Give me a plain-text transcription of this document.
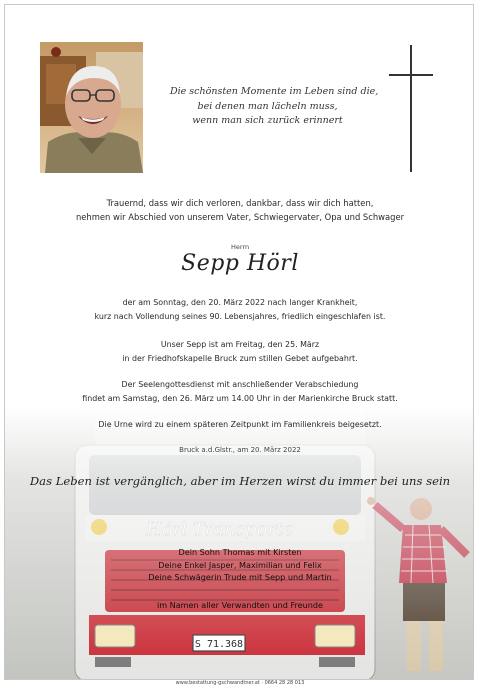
Die schönsten Momente im Leben sind die,
bei denen man lächeln muss,
wenn man sich zurück erinnert
Trauernd, dass wir dich verloren, dankbar, dass wir dich hatten,
nehmen wir Abschied von unserem Vater, Schwiegervater, Opa und Schwager
Herrn
Sepp Hörl
der am Sonntag, den 20. März 2022 nach langer Krankheit,
kurz nach Vollendung seines 90. Lebensjahres, friedlich eingeschlafen ist.
Unser Sepp ist am Freitag, den 25. März
in der Friedhofskapelle Bruck zum stillen Gebet aufgebahrt.
Der Seelengottesdienst mit anschließender Verabschiedung
findet am Samstag, den 26. März um 14.00 Uhr in der Marienkirche Bruck statt.
Die Urne wird zu einem späteren Zeitpunkt im Familienkreis beigesetzt.
Bruck a.d.Glstr., am 20. März 2022
Das Leben ist vergänglich, aber im Herzen wirst du immer bei uns sein
Dein Sohn Thomas mit Kirsten
Deine Enkel Jasper, Maximilian und Felix
Deine Schwägerin Trude mit Sepp und Martin
im Namen aller Verwandten und Freunde
www.bestattung-gschwandtner.at · 0664 28 28 013
